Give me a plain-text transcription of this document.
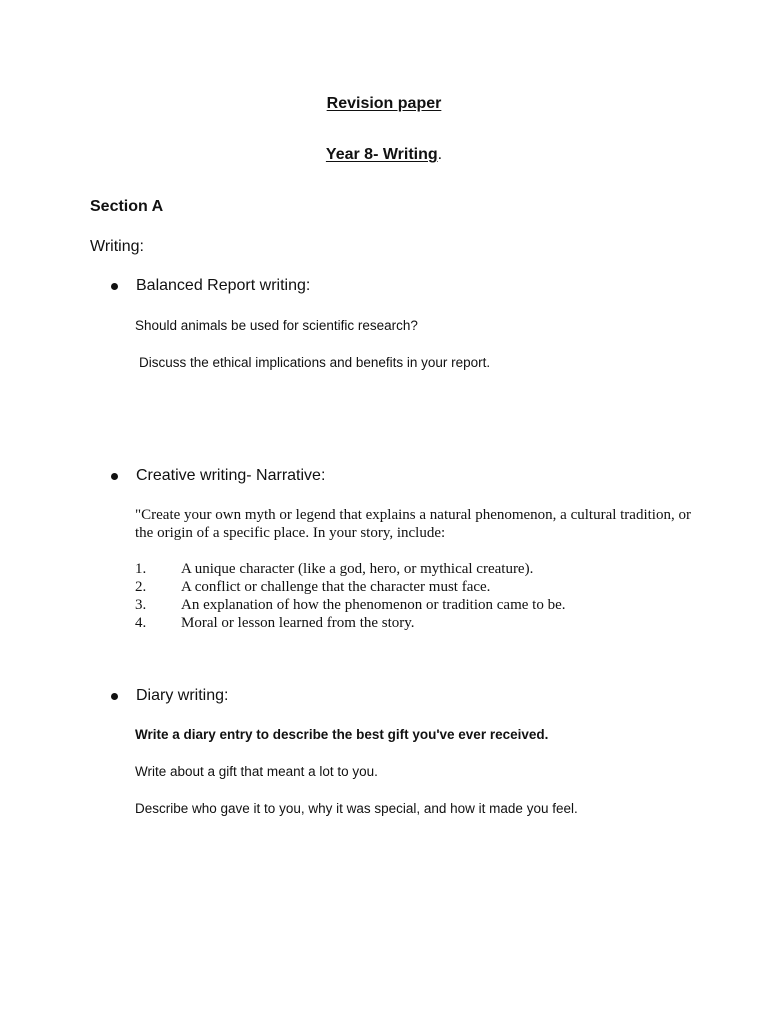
Revision paper
Year 8- Writing.
Section A
Writing:
Balanced Report writing:
Should animals be used for scientific research?
Discuss the ethical implications and benefits in your report.
Creative writing- Narrative:
"Create your own myth or legend that explains a natural phenomenon, a cultural tradition, or the origin of a specific place. In your story, include:
1.	A unique character (like a god, hero, or mythical creature).
2.	A conflict or challenge that the character must face.
3.	An explanation of how the phenomenon or tradition came to be.
4.	Moral or lesson learned from the story.
Diary writing:
Write a diary entry to describe the best gift you've ever received.
Write about a gift that meant a lot to you.
Describe who gave it to you, why it was special, and how it made you feel.
